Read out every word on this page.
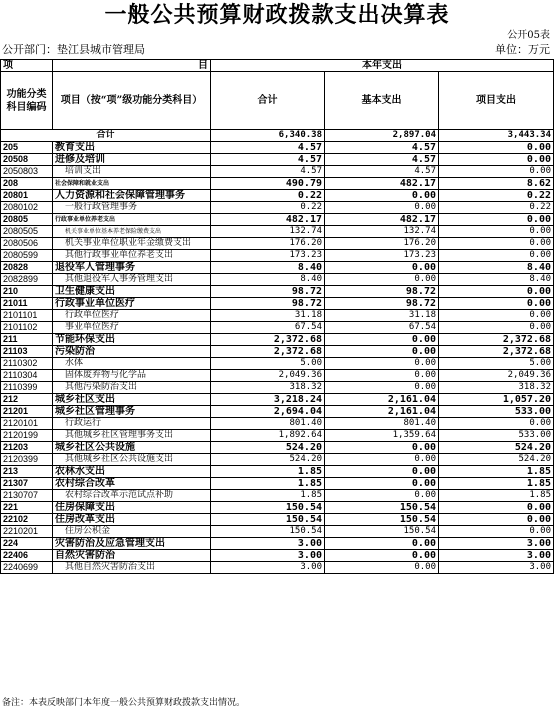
一般公共预算财政拨款支出决算表
公开05表
公开部门：垫江县城市管理局	单位：万元
项	目	本年支出		
功能分类科目编码	项目（按“项”级功能分类科目）	合计	基本支出	项目支出
合计		6,340.38	2,897.04	3,443.34
205	教育支出	4.57	4.57	0.00
20508	进修及培训	4.57	4.57	0.00
2050803	培训支出	4.57	4.57	0.00
208	社会保障和就业支出	490.79	482.17	8.62
20801	人力资源和社会保障管理事务	0.22	0.00	0.22
2080102	一般行政管理事务	0.22	0.00	0.22
20805	行政事业单位养老支出	482.17	482.17	0.00
2080505	机关事业单位基本养老保险缴费支出	132.74	132.74	0.00
2080506	机关事业单位职业年金缴费支出	176.20	176.20	0.00
2080599	其他行政事业单位养老支出	173.23	173.23	0.00
20828	退役军人管理事务	8.40	0.00	8.40
2082899	其他退役军人事务管理支出	8.40	0.00	8.40
210	卫生健康支出	98.72	98.72	0.00
21011	行政事业单位医疗	98.72	98.72	0.00
2101101	行政单位医疗	31.18	31.18	0.00
2101102	事业单位医疗	67.54	67.54	0.00
211	节能环保支出	2,372.68	0.00	2,372.68
21103	污染防治	2,372.68	0.00	2,372.68
2110302	水体	5.00	0.00	5.00
2110304	固体废弃物与化学品	2,049.36	0.00	2,049.36
2110399	其他污染防治支出	318.32	0.00	318.32
212	城乡社区支出	3,218.24	2,161.04	1,057.20
21201	城乡社区管理事务	2,694.04	2,161.04	533.00
2120101	行政运行	801.40	801.40	0.00
2120199	其他城乡社区管理事务支出	1,892.64	1,359.64	533.00
21203	城乡社区公共设施	524.20	0.00	524.20
2120399	其他城乡社区公共设施支出	524.20	0.00	524.20
213	农林水支出	1.85	0.00	1.85
21307	农村综合改革	1.85	0.00	1.85
2130707	农村综合改革示范试点补助	1.85	0.00	1.85
221	住房保障支出	150.54	150.54	0.00
22102	住房改革支出	150.54	150.54	0.00
2210201	住房公积金	150.54	150.54	0.00
224	灾害防治及应急管理支出	3.00	0.00	3.00
22406	自然灾害防治	3.00	0.00	3.00
2240699	其他自然灾害防治支出	3.00	0.00	3.00
备注：本表反映部门本年度一般公共预算财政拨款支出情况。
